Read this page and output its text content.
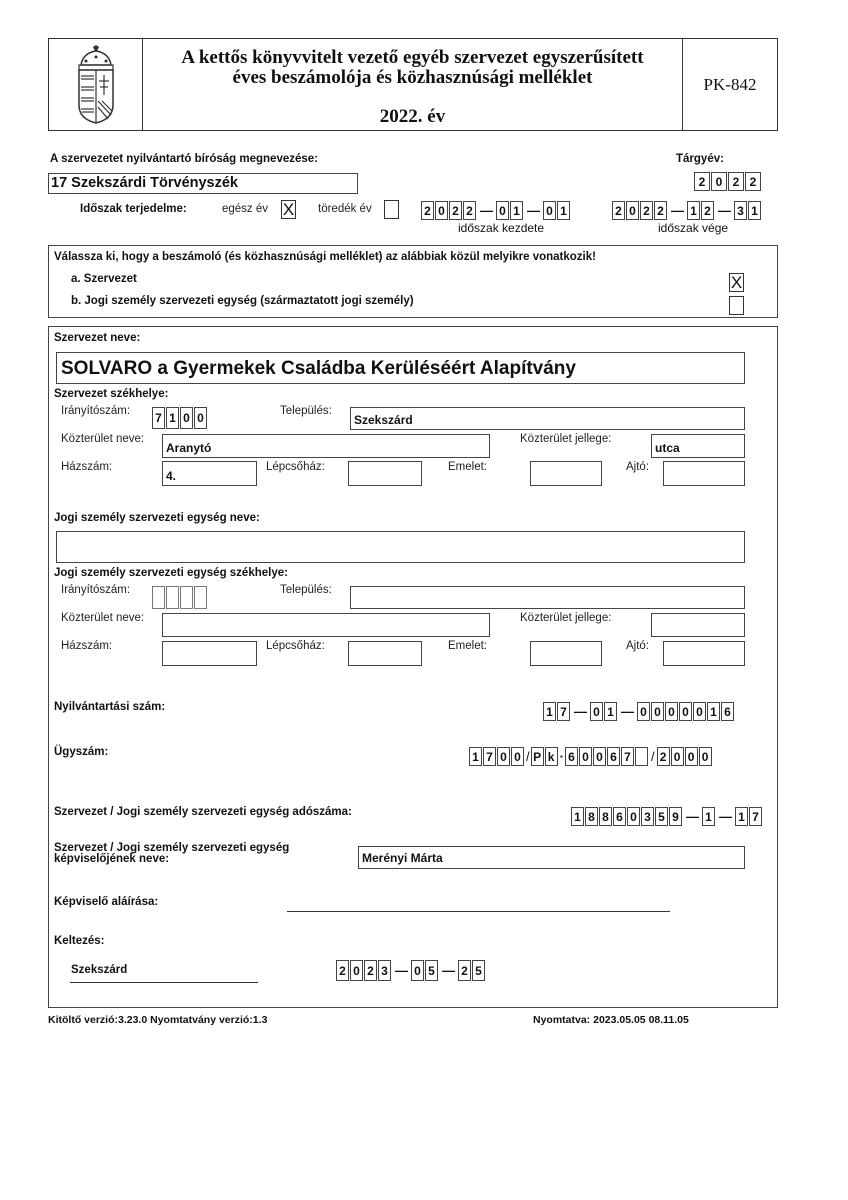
A kettős könyvvitelt vezető egyéb szervezet egyszerűsített
éves beszámolója és közhasznúsági melléklet
2022. év
PK-842
A szervezetet nyilvántartó bíróság megnevezése:
17 Szekszárdi Törvényszék
Tárgyév:
2 0 2 2
Időszak terjedelme:	egész év X töredék év	2 0 2 2 — 0 1 — 0 1
időszak kezdete
2 0 2 2 — 1 2 — 3 1
időszak vége
Válassza ki, hogy a beszámoló (és közhasznúsági melléklet) az alábbiak közül melyikre vonatkozik!
a. Szervezet	X
b. Jogi személy szervezeti egység (származtatott jogi személy)
Szervezet neve:
SOLVARO a Gyermekek Családba Kerüléséért Alapítvány
Szervezet székhelye:
Irányítószám: 7 1 0 0	Település:
Szekszárd
Közterület neve:
Aranytó
Közterület jellege:
utca
Házszám:
4.
Lépcsőház:	Emelet:	Ajtó:
Jogi személy szervezeti egység neve:
Jogi személy szervezeti egység székhelye:
Irányítószám:	Település:
Közterület neve:	Közterület jellege:
Házszám:	Lépcsőház:	Emelet:	Ajtó:
Nyilvántartási szám:	1 7 — 0 1 — 0 0 0 0 0 1 6
Ügyszám:	1 7 0 0 / P k · 6 0 0 6 7 / 2 0 0 0
Szervezet / Jogi személy szervezeti egység adószáma:	1 8 8 6 0 3 5 9 — 1 — 1 7
Szervezet / Jogi személy szervezeti egység
képviselőjének neve:	Merényi Márta
Képviselő aláírása:
Keltezés:
Szekszárd	2 0 2 3 — 0 5 — 2 5
Kitöltő verzió:3.23.0 Nyomtatvány verzió:1.3	Nyomtatva: 2023.05.05 08.11.05
